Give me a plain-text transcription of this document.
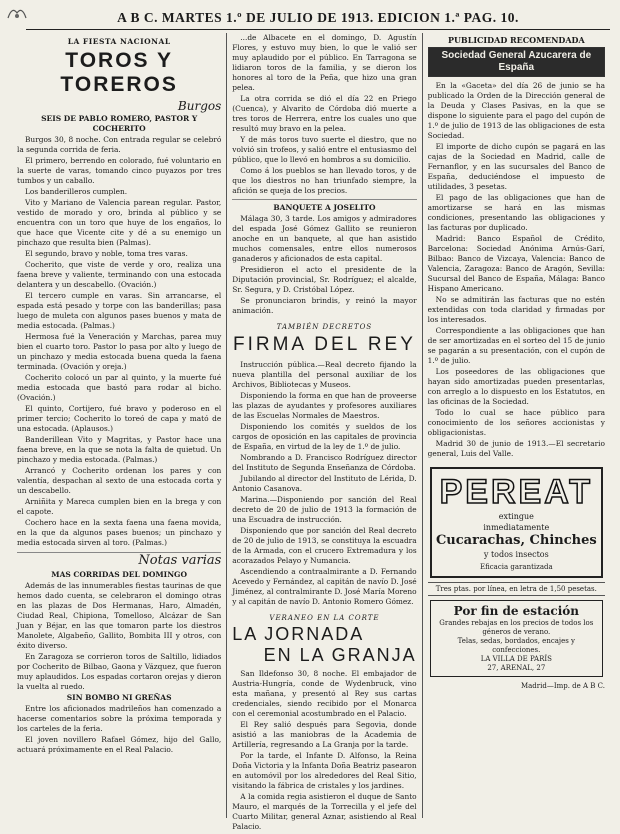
A B C. MARTES 1.º DE JULIO DE 1913. EDICION 1.ª PAG. 10.
LA FIESTA NACIONAL
TOROS Y TOREROS
Burgos
SEIS DE PABLO ROMERO, PASTOR Y COCHERITO

Burgos 30, 8 noche. Con entrada regular se celebró la segunda corrida de feria.

El primero, berrendo en colorado, fué voluntario en la suerte de varas, tomando cinco puyazos por tres tumbos y un caballo.

Los banderilleros cumplen.

Vito y Mariano de Valencia parean regular. Pastor, vestido de morado y oro, brinda al público y se encuentra con un toro que huye de los engaños, lo que hace que Vicente cite y dé a su enemigo un pinchazo que resulta bien (Palmas).

El segundo, bravo y noble, toma tres varas.

Cocherito, que viste de verde y oro, realiza una faena breve y valiente, terminando con una estocada delantera y un descabello. (Ovación.)

El tercero cumple en varas. Sin arrancarse, el espada está pesado y torpe con las banderillas; pasa luego de muleta con algunos pases buenos y mata de media estocada. (Palmas.)

Hermosa fué la Veneración y Marchas, parea muy bien el cuarto toro. Pastor lo pasa por alto y luego de un pinchazo y media estocada buena queda la faena terminada. (Ovación y oreja.)

Cocherito colocó un par al quinto, y la muerte fué media estocada que bastó para rodar al bicho. (Ovación.)

El quinto, Cortijero, fué bravo y poderoso en el primer tercio; Cocherito lo toreó de capa y mató de una estocada. (Aplausos.)

Banderillean Vito y Magritas, y Pastor hace una faena breve, en la que se nota la falta de quietud. Un pinchazo y media estocada. (Palmas.)

Arrancó y Cocherito ordenan los pares y con valentía, despachan al sexto de una estocada corta y un descabello.

Arniñita y Mareca cumplen bien en la brega y con el capote.

Cochero hace en la sexta faena una faena movida, en la que da algunos pases buenos; un pinchazo y media estocada sirven al toro. (Palmas.)

Notas varias
MAS CORRIDAS DEL DOMINGO

Además de las innumerables fiestas taurinas de que hemos dado cuenta, se celebraron el domingo otras en las plazas de Dos Hermanas, Haro, Almadén, Ciudad Real, Chipiona, Tomelloso, Alcázar de San Juan y Béjar, en las que tomaron parte los diestros Manolete, Algabeño, Gallito, Bombita III y otros, con éxito diverso.

En Zaragoza se corrieron toros de Saltillo, lidiados por Cocherito de Bilbao, Gaona y Vázquez, que fueron muy aplaudidos. Los espadas cortaron orejas y dieron la vuelta al ruedo.

SIN BOMBO NI GREÑAS

Entre los aficionados madrileños han comenzado a hacerse comentarios sobre la próxima temporada y los carteles de la feria.

El joven novillero Rafael Gómez, hijo del Gallo, actuará próximamente en el Real Palacio.

...de Albacete en el domingo, D. Agustín Flores, y estuvo muy bien, lo que le valió ser muy aplaudido por el público. En Tarragona se lidiaron toros de la familia, y se dieron los honores al toro de la Peña, que hizo una gran pelea.

La otra corrida se dió el día 22 en Priego (Cuenca), y Alvarito de Córdoba dió muerte a tres toros de Herrera, entre los cuales uno que resultó muy bravo en la pelea.

Y de más toros tuvo suerte el diestro, que no volvió sin trofeos, y salió entre el entusiasmo del público, que lo llevó en hombros a su domicilio.

Como á los pueblos se han llevado toros, y de que los diestros no han triunfado siempre, la afición se queja de los precios.

BANQUETE A JOSELITO

Málaga 30, 3 tarde. Los amigos y admiradores del espada José Gómez Gallito se reunieron anoche en un banquete, al que han asistido muchos comensales, entre ellos numerosos ganaderos y aficionados de esta capital.

Presidieron el acto el presidente de la Diputación provincial, Sr. Rodríguez; el alcalde, Sr. Segura, y D. Cristóbal López.

Se pronunciaron brindis, y reinó la mayor animación.

TAMBIÉN DECRETOS
FIRMA DEL REY

Instrucción pública.—Real decreto fijando la nueva plantilla del personal auxiliar de los Archivos, Bibliotecas y Museos.

Disponiendo la forma en que han de proveerse las plazas de ayudantes y profesores auxiliares de las Escuelas Normales de Maestros.

Disponiendo los comités y sueldos de los cargos de oposición en las capitales de provincia de España, en virtud de la ley de 1.º de julio.

Nombrando a D. Francisco Rodríguez director del Instituto de Segunda Enseñanza de Córdoba.

Jubilando al director del Instituto de Lérida, D. Antonio Casanova.

Marina.—Disponiendo por sanción del Real decreto de 20 de julio de 1913 la formación de una Escuadra de instrucción.

Disponiendo que por sanción del Real decreto de 20 de julio de 1913, se constituya la escuadra de la Armada, con el crucero Extremadura y los acorazados Pelayo y Numancia.

Ascendiendo a contraalmirante a D. Fernando Acevedo y Fernández, al capitán de navío D. José Jiménez, al contralmirante D. José María Moreno y al capitán de navío D. Antonio Romero Gómez.

VERANEO EN LA CORTE
LA JORNADA
EN LA GRANJA

San Ildefonso 30, 8 noche. El embajador de Austria-Hungría, conde de Wydenbruck, vino esta mañana, y presentó al Rey sus cartas credenciales, siendo recibido por el Monarca con el ceremonial acostumbrado en el Palacio.

El Rey salió después para Segovia, donde asistió a las maniobras de la Academia de Artillería, regresando a La Granja por la tarde.

Por la tarde, el Infante D. Alfonso, la Reina Doña Victoria y la Infanta Doña Beatriz pasearon en automóvil por los alrededores del Real Sitio, visitando la fábrica de cristales y los jardines.

A la comida regia asistieron el duque de Santo Mauro, el marqués de la Torrecilla y el jefe del Cuarto Militar, general Aznar, asistiendo al Real Palacio.

PUBLICIDAD RECOMENDADA
Sociedad General Azucarera de España

En la «Gaceta» del día 26 de junio se ha publicado la Orden de la Dirección general de la Deuda y Clases Pasivas, en la que se dispone lo siguiente para el pago del cupón de 1.º de julio de 1913 de las obligaciones de esta Sociedad.

El importe de dicho cupón se pagará en las cajas de la Sociedad en Madrid, calle de Fernanflor, y en las sucursales del Banco de España, deduciéndose el impuesto de utilidades, 3 pesetas.

El pago de las obligaciones que han de amortizarse se hará en las mismas condiciones, presentando las obligaciones y las facturas por duplicado.

Madrid: Banco Español de Crédito, Barcelona: Sociedad Anónima Arnús-Garí, Bilbao: Banco de Vizcaya, Valencia: Banco de Valencia, Zaragoza: Banco de Aragón, Sevilla: Sucursal del Banco de España, Málaga: Banco Hispano Americano.

No se admitirán las facturas que no estén extendidas con toda claridad y firmadas por los interesados.

Correspondiente a las obligaciones que han de ser amortizadas en el sorteo del 15 de junio se pagarán a su presentación, con el cupón de 1.º de julio.

Los poseedores de las obligaciones que hayan sido amortizadas pueden presentarlas, con arreglo a lo dispuesto en los Estatutos, en las oficinas de la Sociedad.

Todo lo cual se hace público para conocimiento de los señores accionistas y obligacionistas.

Madrid 30 de junio de 1913.—El secretario general, Luis del Valle.

PEREAT
extingue
inmediatamente
Cucarachas, Chinches
y todos insectos
Eficacia garantizada
Tres ptas. por línea, en letra de 1,50 pesetas.
Por fin de estación
Grandes rebajas en los precios de todos los géneros de verano.
Telas, sedas, bordados, encajes y confecciones.
LA VILLA DE PARÍS
27, ARENAL, 27
Madrid—Imp. de A B C.
